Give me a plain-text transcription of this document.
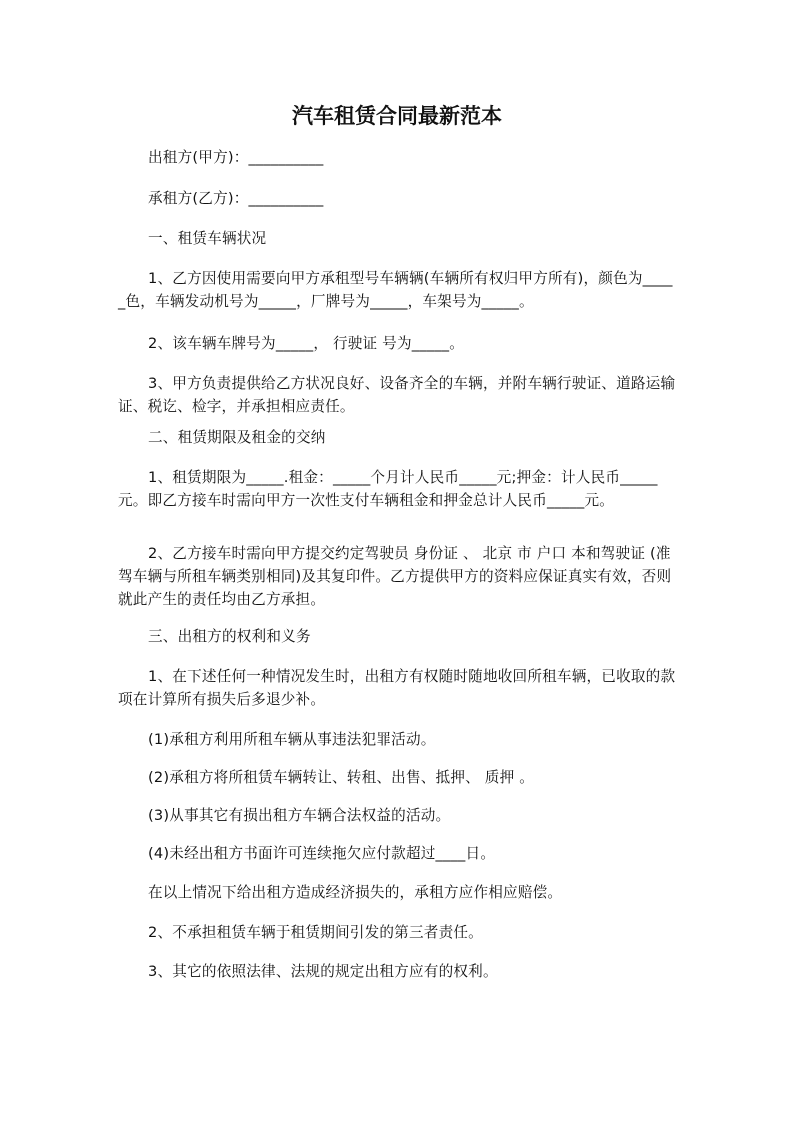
汽车租赁合同最新范本
出租方(甲方)：__________
承租方(乙方)：__________
一、租赁车辆状况
1、乙方因使用需要向甲方承租型号车辆辆(车辆所有权归甲方所有)，颜色为_____色，车辆发动机号为_____，厂牌号为_____，车架号为_____。
2、该车辆车牌号为_____， 行驶证 号为_____。
3、甲方负责提供给乙方状况良好、设备齐全的车辆，并附车辆行驶证、道路运输证、税讫、检字，并承担相应责任。
二、租赁期限及租金的交纳
1、租赁期限为_____.租金：_____个月计人民币_____元;押金：计人民币_____元。即乙方接车时需向甲方一次性支付车辆租金和押金总计人民币_____元。
2、乙方接车时需向甲方提交约定驾驶员 身份证 、 北京 市 户口 本和驾驶证 (准驾车辆与所租车辆类别相同)及其复印件。乙方提供甲方的资料应保证真实有效，否则就此产生的责任均由乙方承担。
三、出租方的权利和义务
1、在下述任何一种情况发生时，出租方有权随时随地收回所租车辆，已收取的款项在计算所有损失后多退少补。
(1)承租方利用所租车辆从事违法犯罪活动。
(2)承租方将所租赁车辆转让、转租、出售、抵押、 质押 。
(3)从事其它有损出租方车辆合法权益的活动。
(4)未经出租方书面许可连续拖欠应付款超过____日。
在以上情况下给出租方造成经济损失的，承租方应作相应赔偿。
2、不承担租赁车辆于租赁期间引发的第三者责任。
3、其它的依照法律、法规的规定出租方应有的权利。
